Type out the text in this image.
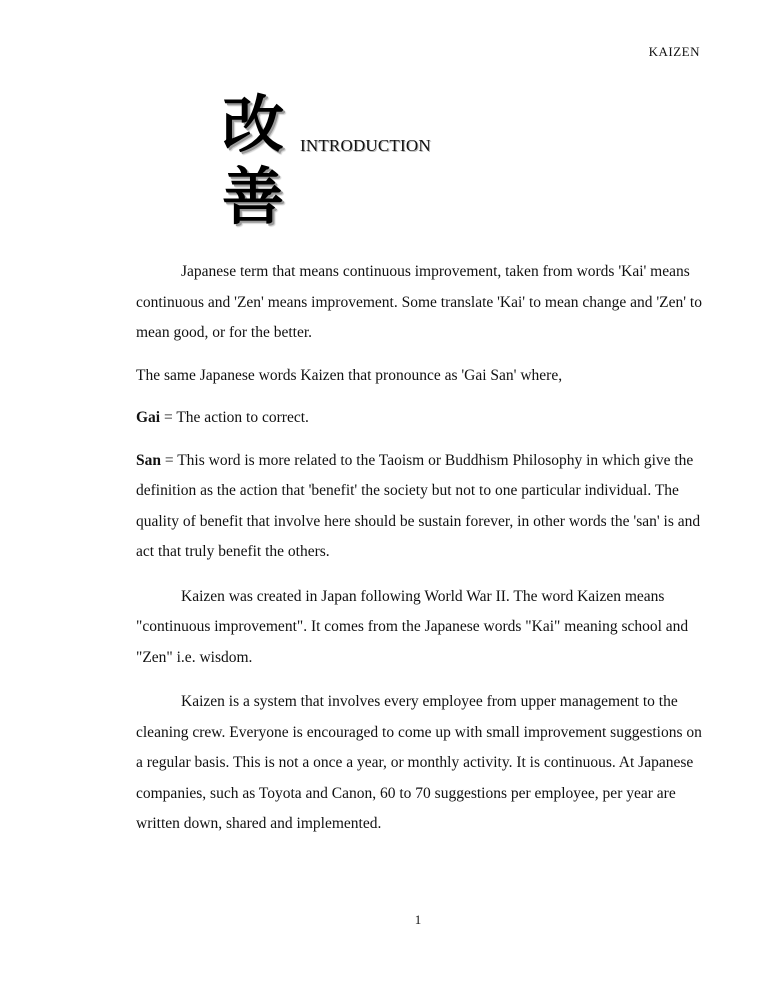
KAIZEN
改
善
INTRODUCTION

Japanese term that means continuous improvement, taken from words 'Kai' means continuous and 'Zen' means improvement. Some translate 'Kai' to mean change and 'Zen' to mean good, or for the better.

The same Japanese words Kaizen that pronounce as 'Gai San' where,

Gai = The action to correct.

San = This word is more related to the Taoism or Buddhism Philosophy in which give the definition as the action that 'benefit' the society but not to one particular individual. The quality of benefit that involve here should be sustain forever, in other words the 'san' is and act that truly benefit the others.

Kaizen was created in Japan following World War II. The word Kaizen means "continuous improvement". It comes from the Japanese words "Kai" meaning school and "Zen" i.e. wisdom.

Kaizen is a system that involves every employee from upper management to the cleaning crew. Everyone is encouraged to come up with small improvement suggestions on a regular basis. This is not a once a year, or monthly activity. It is continuous. At Japanese companies, such as Toyota and Canon, 60 to 70 suggestions per employee, per year are written down, shared and implemented.

1
